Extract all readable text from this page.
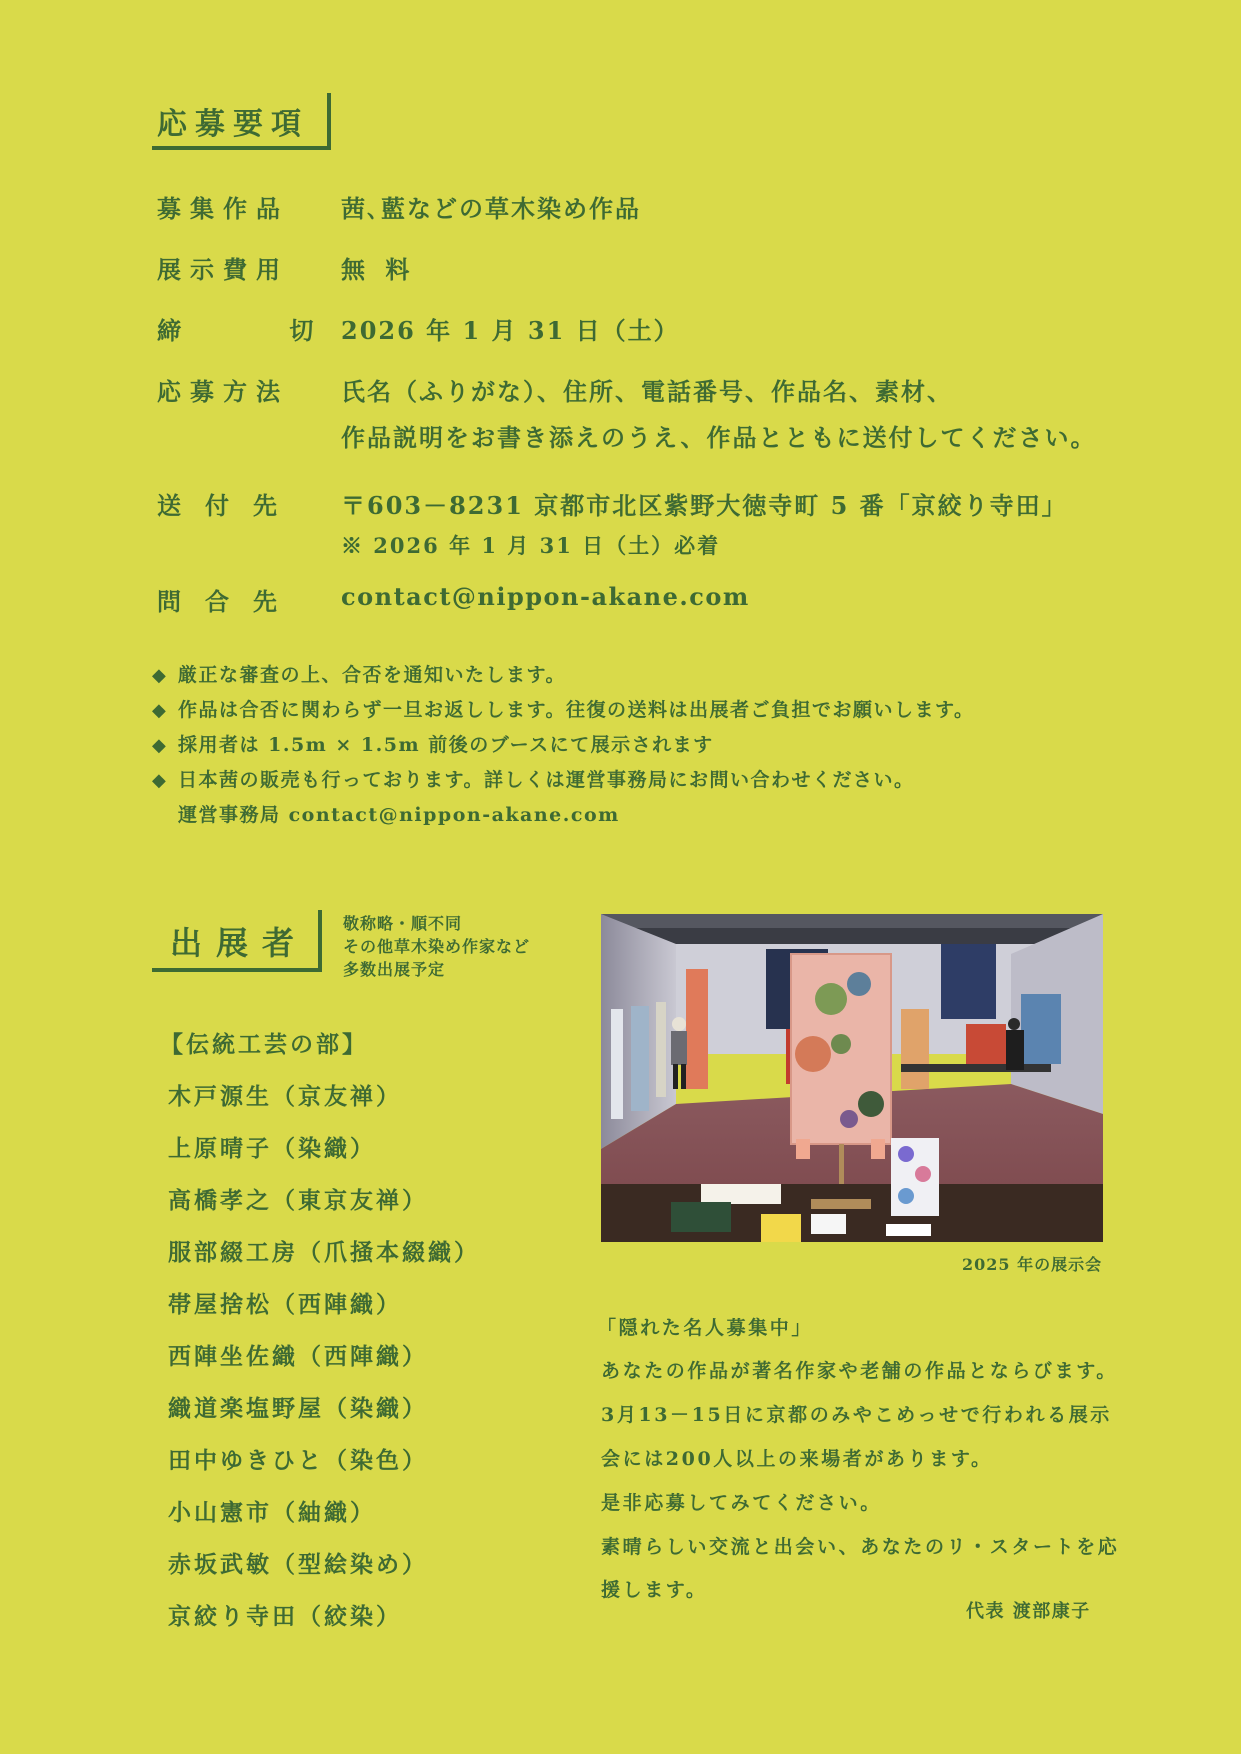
応募要項
募集作品 茜､藍などの草木染め作品
展示費用 無 料
締 切
2026 年 1 月 31 日（土）
応募方法 氏名（ふりがな）、住所、電話番号、作品名、素材、
作品説明をお書き添えのうえ、作品とともに送付してください。
送付先 〒603－8231 京都市北区紫野大徳寺町 5 番「京絞り寺田」
※ 2026 年 1 月 31 日（土）必着
問合先 contact@nippon-akane.com
◆ 厳正な審査の上、合否を通知いたします。
◆ 作品は合否に関わらず一旦お返しします。往復の送料は出展者ご負担でお願いします。
◆ 採用者は 1.5m × 1.5m 前後のブースにて展示されます
◆ 日本茜の販売も行っております。詳しくは運営事務局にお問い合わせください。
運営事務局 contact@nippon-akane.com
出展者
敬称略・順不同
その他草木染め作家など
多数出展予定
【伝統工芸の部】
木戸源生（京友禅）
上原晴子（染織）
高橋孝之（東京友禅）
服部綴工房（爪掻本綴織）
帯屋捨松（西陣織）
西陣坐佐織（西陣織）
織道楽塩野屋（染織）
田中ゆきひと（染色）
小山憲市（紬織）
赤坂武敏（型絵染め）
京絞り寺田（絞染）
2025 年の展示会
「隠れた名人募集中」
あなたの作品が著名作家や老舗の作品とならびます。
3月13－15日に京都のみやこめっせで行われる展示
会には200人以上の来場者があります。
是非応募してみてください。
素晴らしい交流と出会い、あなたのリ・スタートを応
援します。
代表 渡部康子
